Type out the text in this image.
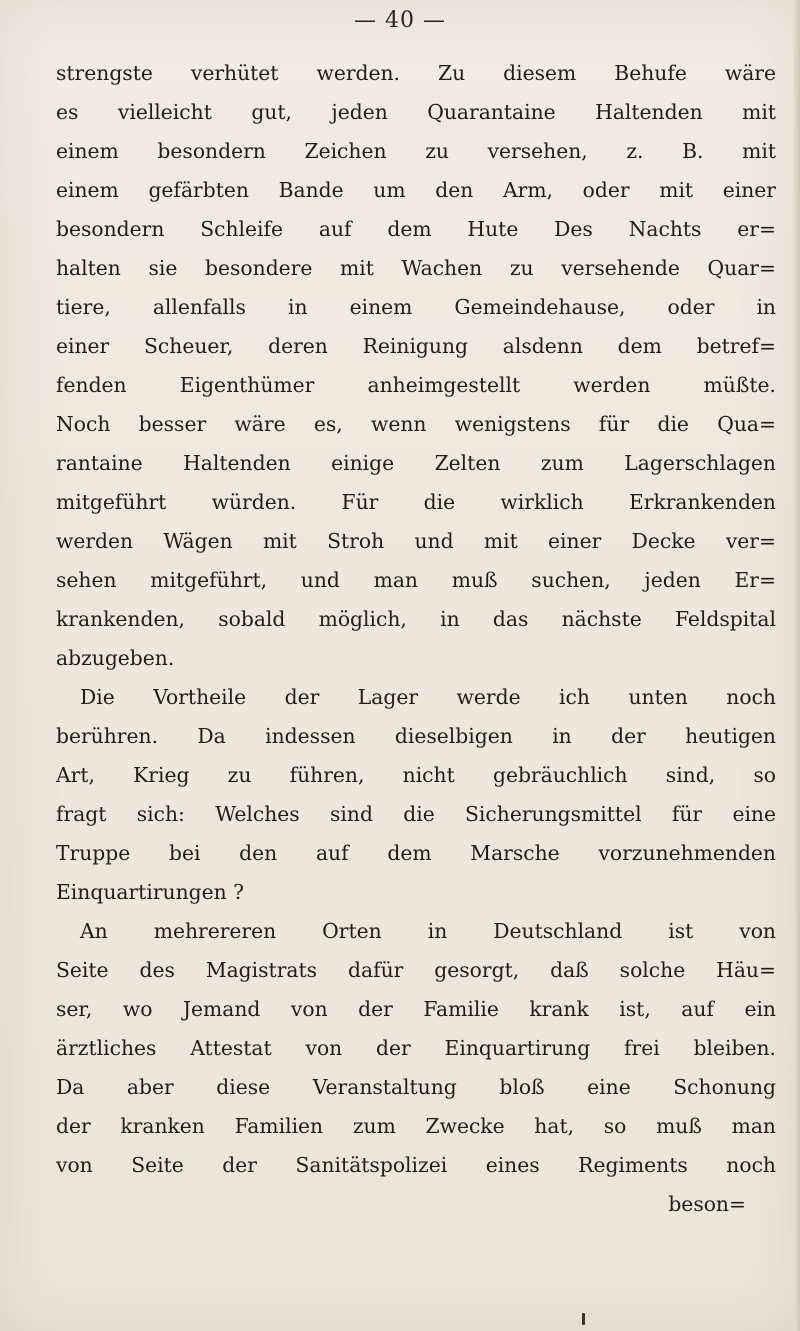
— 40 —
strengste verhütet werden. Zu diesem Behufe wäre
es vielleicht gut, jeden Quarantaine Haltenden mit
einem besondern Zeichen zu versehen, z. B. mit
einem gefärbten Bande um den Arm, oder mit einer
besondern Schleife auf dem Hute Des Nachts er=
halten sie besondere mit Wachen zu versehende Quar=
tiere, allenfalls in einem Gemeindehause, oder in
einer Scheuer, deren Reinigung alsdenn dem betref=
fenden Eigenthümer anheimgestellt werden müßte.
Noch besser wäre es, wenn wenigstens für die Qua=
rantaine Haltenden einige Zelten zum Lagerschlagen
mitgeführt würden. Für die wirklich Erkrankenden
werden Wägen mit Stroh und mit einer Decke ver=
sehen mitgeführt, und man muß suchen, jeden Er=
krankenden, sobald möglich, in das nächste Feldspital
abzugeben.
Die Vortheile der Lager werde ich unten noch
berühren. Da indessen dieselbigen in der heutigen
Art, Krieg zu führen, nicht gebräuchlich sind, so
fragt sich: Welches sind die Sicherungsmittel für eine
Truppe bei den auf dem Marsche vorzunehmenden
Einquartirungen ?
An mehrereren Orten in Deutschland ist von
Seite des Magistrats dafür gesorgt, daß solche Häu=
ser, wo Jemand von der Familie krank ist, auf ein
ärztliches Attestat von der Einquartirung frei bleiben.
Da aber diese Veranstaltung bloß eine Schonung
der kranken Familien zum Zwecke hat, so muß man
von Seite der Sanitätspolizei eines Regiments noch
beson=
